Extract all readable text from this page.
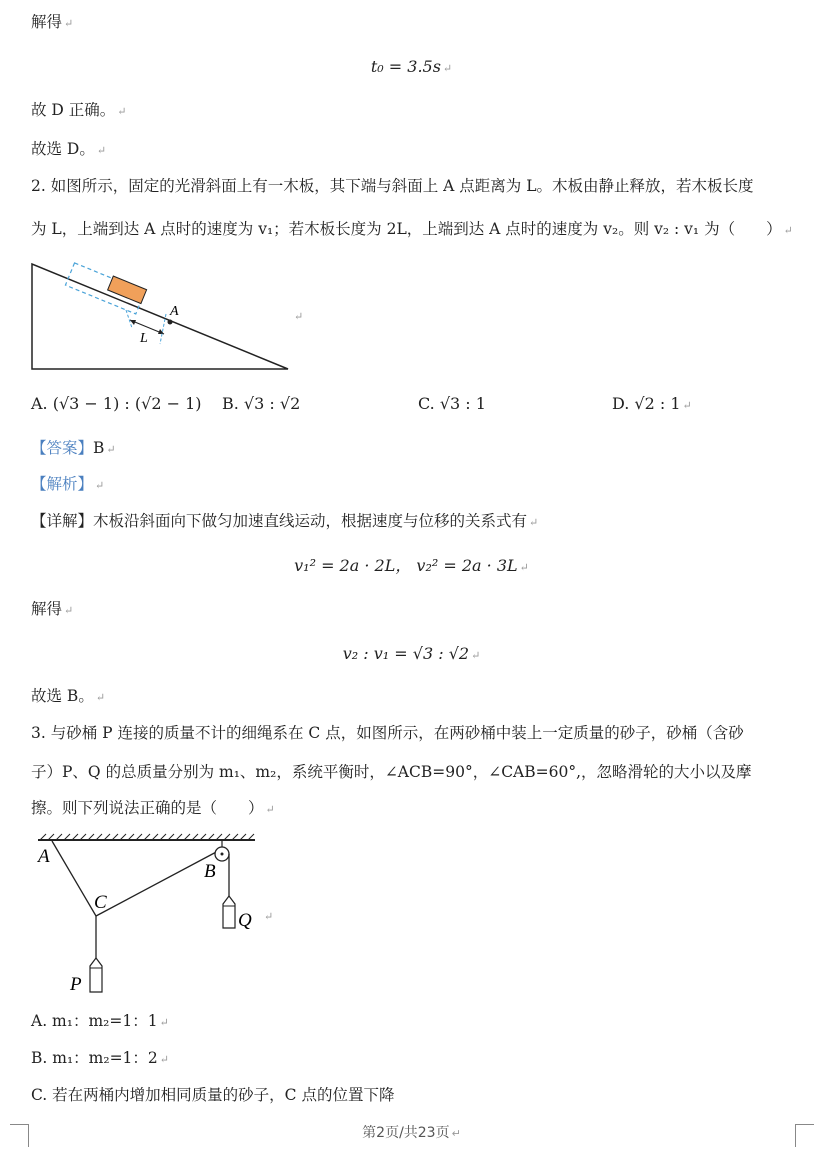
解得 ↵
t₀ = 3.5s ↵
故 D 正确。 ↵
故选 D。 ↵
2. 如图所示，固定的光滑斜面上有一木板，其下端与斜面上 A 点距离为 L。木板由静止释放，若木板长度
为 L，上端到达 A 点时的速度为 v₁；若木板长度为 2L，上端到达 A 点时的速度为 v₂。则 v₂ : v₁ 为（　　） ↵
A
L
↵
A. (√3 − 1) : (√2 − 1) B. √3 : √2	C. √3 : 1	D. √2 : 1 ↵
【答案】B ↵
【解析】 ↵
【详解】木板沿斜面向下做匀加速直线运动，根据速度与位移的关系式有 ↵
v₁² = 2a · 2L， v₂² = 2a · 3L ↵
解得 ↵
v₂ : v₁ = √3 : √2 ↵
故选 B。 ↵
3. 与砂桶 P 连接的质量不计的细绳系在 C 点，如图所示，在两砂桶中装上一定质量的砂子，砂桶（含砂
子）P、Q 的总质量分别为 m₁、m₂，系统平衡时，∠ACB=90°，∠CAB=60°,，忽略滑轮的大小以及摩
擦。则下列说法正确的是（　　） ↵
A
B
C
P
Q ↵
A. m₁：m₂=1：1 ↵
B. m₁：m₂=1：2 ↵
C. 若在两桶内增加相同质量的砂子，C 点的位置下降
第2页/共23页 ↵
